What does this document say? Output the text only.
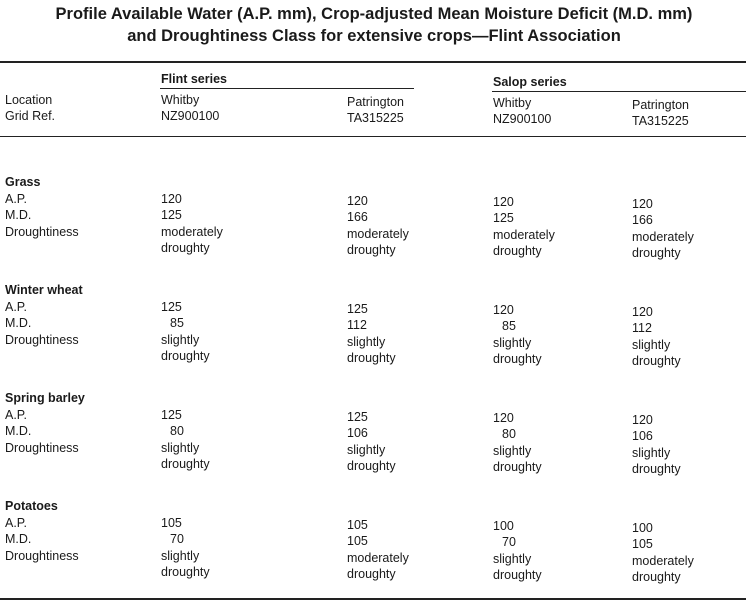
Profile Available Water (A.P. mm), Crop-adjusted Mean Moisture Deficit (M.D. mm)
and Droughtiness Class for extensive crops—Flint Association
Flint series	Salop series
Location
Grid Ref.
Whitby
NZ900100
Patrington
TA315225
Whitby
NZ900100
Patrington
TA315225
Grass
A.P.
M.D.
Droughtiness
120
125
moderately
droughty
120
166
moderately
droughty
120
125
moderately
droughty
120
166
moderately
droughty
Winter wheat
A.P.
M.D.
Droughtiness
125
85
slightly
droughty
125
112
slightly
droughty
120
85
slightly
droughty
120
112
slightly
droughty
Spring barley
A.P.
M.D.
Droughtiness
125
80
slightly
droughty
125
106
slightly
droughty
120
80
slightly
droughty
120
106
slightly
droughty
Potatoes
A.P.
M.D.
Droughtiness
105
70
slightly
droughty
105
105
moderately
droughty
100
70
slightly
droughty
100
105
moderately
droughty
